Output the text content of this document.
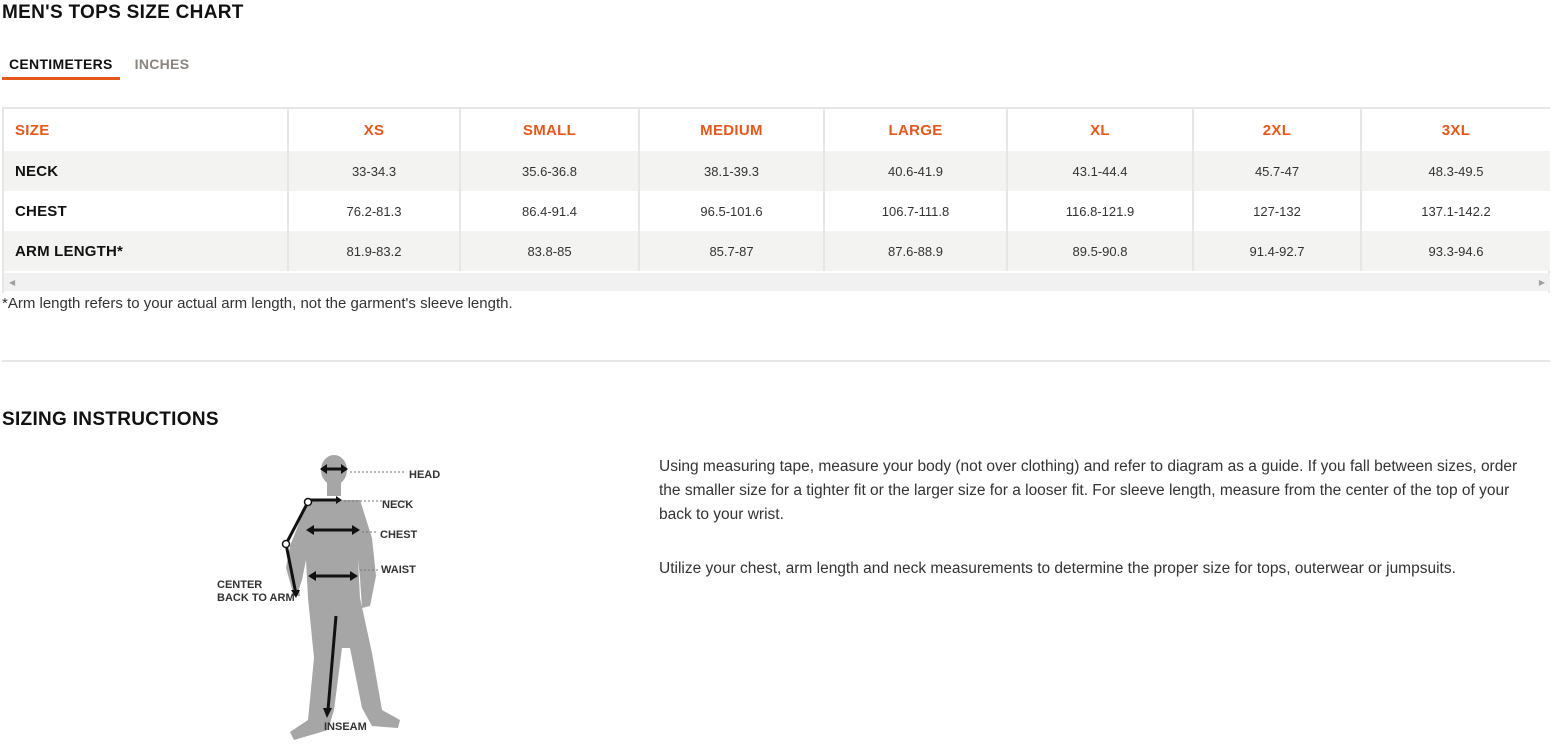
MEN'S TOPS SIZE CHART
CENTIMETERS	INCHES
SIZE	XS	SMALL	MEDIUM	LARGE	XL	2XL	3XL
NECK	33-34.3	35.6-36.8	38.1-39.3	40.6-41.9	43.1-44.4	45.7-47	48.3-49.5
CHEST	76.2-81.3	86.4-91.4	96.5-101.6	106.7-111.8	116.8-121.9	127-132	137.1-142.2
ARM LENGTH*	81.9-83.2	83.8-85	85.7-87	87.6-88.9	89.5-90.8	91.4-92.7	93.3-94.6
◀	▶
*Arm length refers to your actual arm length, not the garment's sleeve length.
SIZING INSTRUCTIONS
HEAD
NECK
CHEST
WAIST
CENTER
BACK TO ARM
INSEAM

Using measuring tape, measure your body (not over clothing) and refer to diagram as a guide. If you fall between sizes, order the smaller size for a tighter fit or the larger size for a looser fit. For sleeve length, measure from the center of the top of your back to your wrist.

Utilize your chest, arm length and neck measurements to determine the proper size for tops, outerwear or jumpsuits.
